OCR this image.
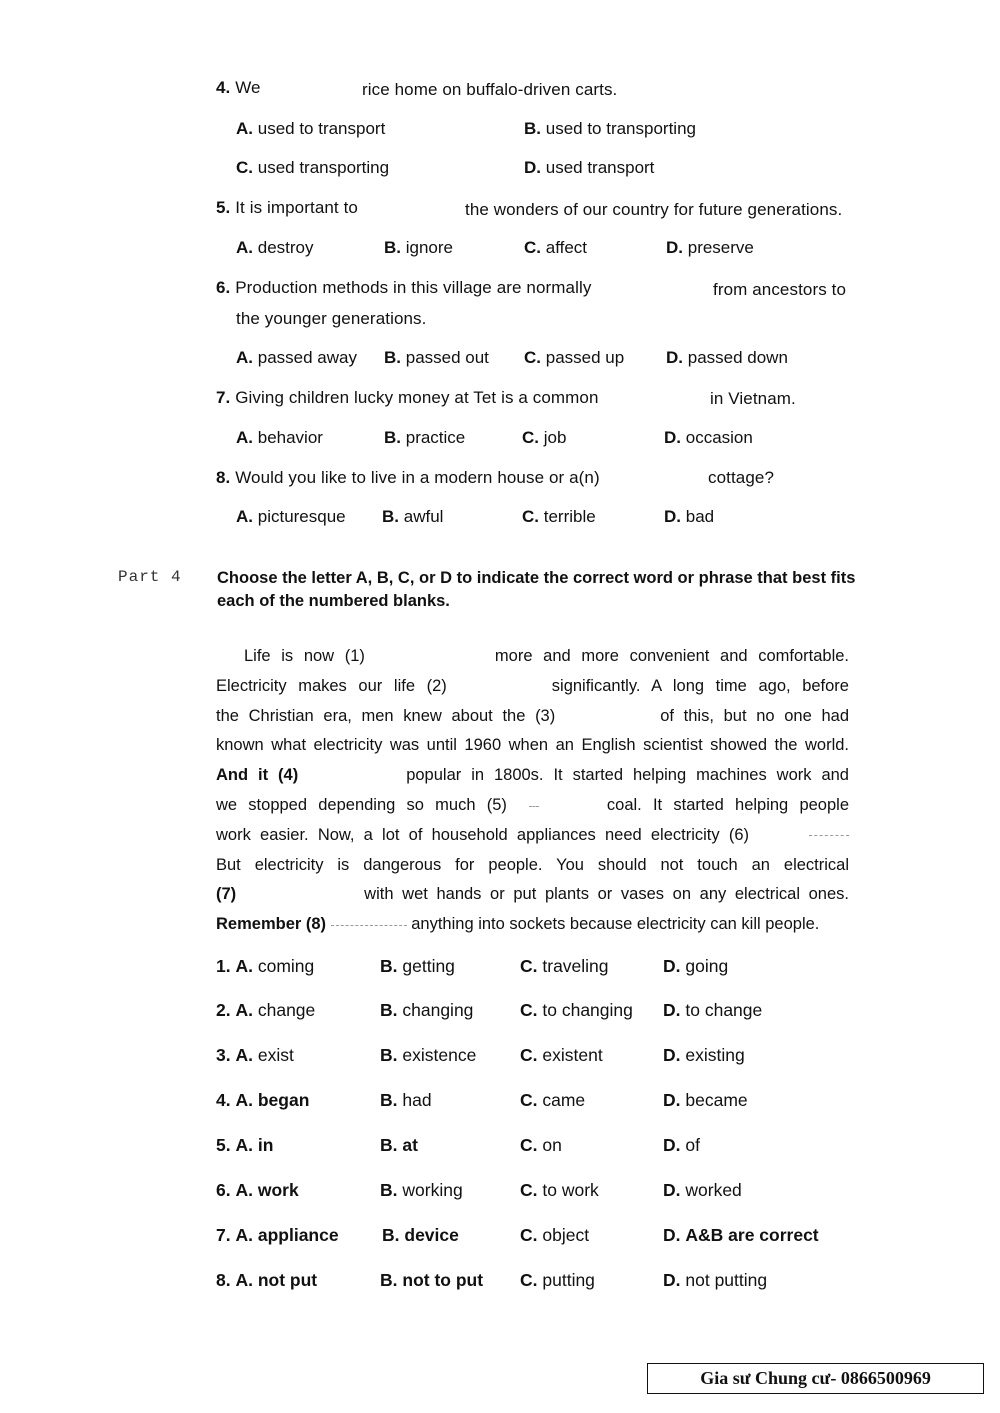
4. We	rice home on buffalo-driven carts.
A. used to transport	B. used to transporting
C. used transporting	D. used transport
5. It is important to	the wonders of our country for future generations.
A. destroy	B. ignore	C. affect	D. preserve
6. Production methods in this village are normally	from ancestors to
the younger generations.
A. passed away B. passed out C. passed up D. passed down
7. Giving children lucky money at Tet is a common	in Vietnam.
A. behavior	B. practice	C. job	D. occasion
8. Would you like to live in a modern house or a(n)	cottage?
A. picturesque B. awful	C. terrible	D. bad
Part 4 Choose the letter A, B, C, or D to indicate the correct word or phrase that best fits each of the numbered blanks.
Life is now (1)	more and more convenient and comfortable.
Electricity makes our life (2)	significantly. A long time ago, before
the Christian era, men knew about the (3)	of this, but no one had
known what electricity was until 1960 when an English scientist showed the world.
And it (4)	popular in 1800s. It started helping machines work and
we stopped depending so much (5)	coal. It started helping people
work easier. Now, a lot of household appliances need electricity (6)
But electricity is dangerous for people. You should not touch an electrical
(7)	with wet hands or put plants or vases on any electrical ones.
Remember (8)	anything into sockets because electricity can kill people.
1. A. coming	B. getting	C. traveling	D. going
2. A. change	B. changing	C. to changing D. to change
3. A. exist	B. existence C. existent	D. existing
4. A. began	B. had	C. came	D. became
5. A. in	B. at	C. on	D. of
6. A. work	B. working	C. to work	D. worked
7. A. appliance B. device	C. object	D. A&B are correct
8. A. not put	B. not to put C. putting	D. not putting
Gia sư Chung cư- 0866500969
